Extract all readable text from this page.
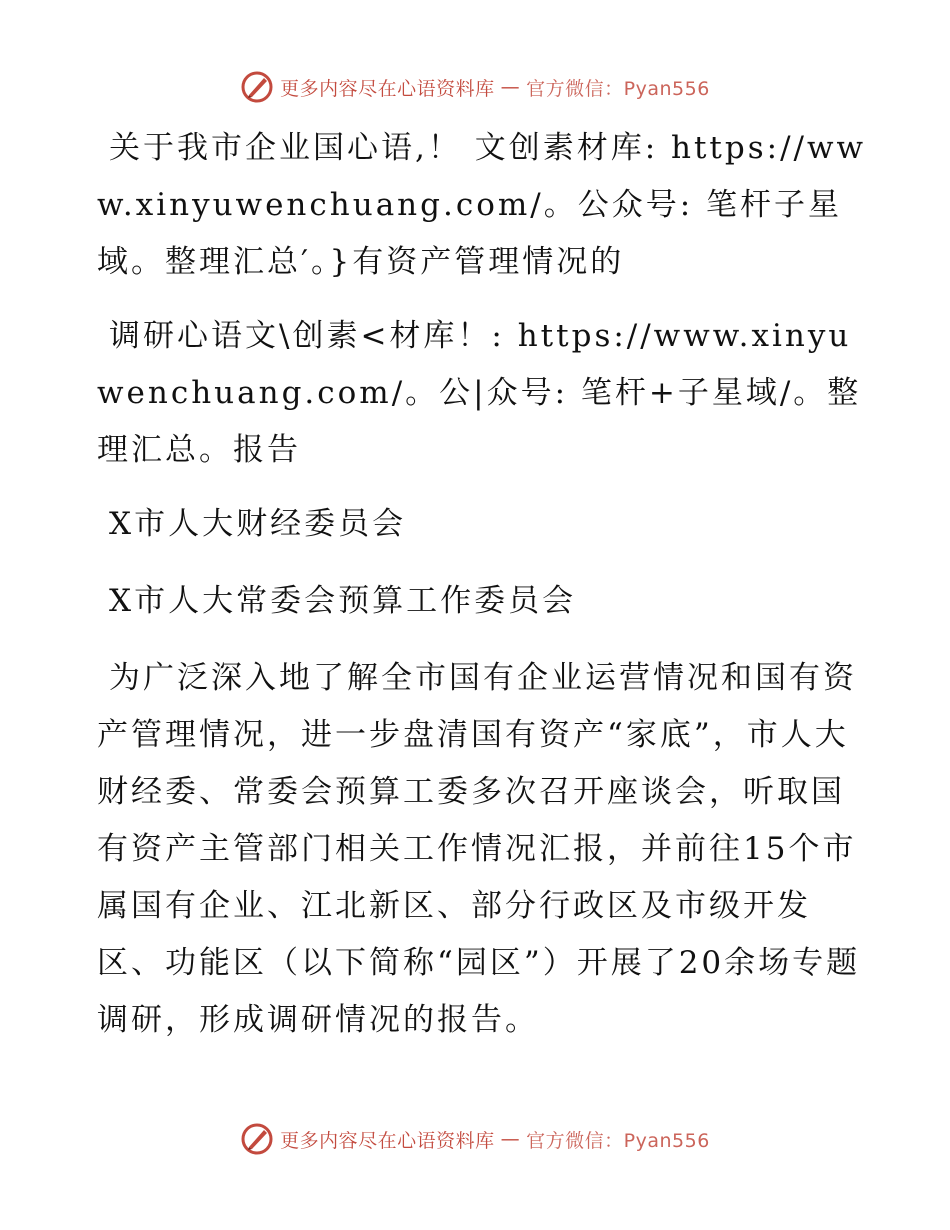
更多内容尽在心语资料库 — 官方微信：Pyan556

关于我市企业国心语,！ 文创素材库: https://www.xinyuwenchuang.com/。公众号: 笔杆子星域。整理汇总′。}有资产管理情况的

调研心语文\创素<材库！: https://www.xinyuwenchuang.com/。公|众号: 笔杆+子星域/。整理汇总。报告

X市人大财经委员会

X市人大常委会预算工作委员会

为广泛深入地了解全市国有企业运营情况和国有资产管理情况，进一步盘清国有资产“家底”，市人大财经委、常委会预算工委多次召开座谈会，听取国有资产主管部门相关工作情况汇报，并前往15个市属国有企业、江北新区、部分行政区及市级开发区、功能区（以下简称“园区”）开展了20余场专题调研，形成调研情况的报告。

更多内容尽在心语资料库 — 官方微信：Pyan556
